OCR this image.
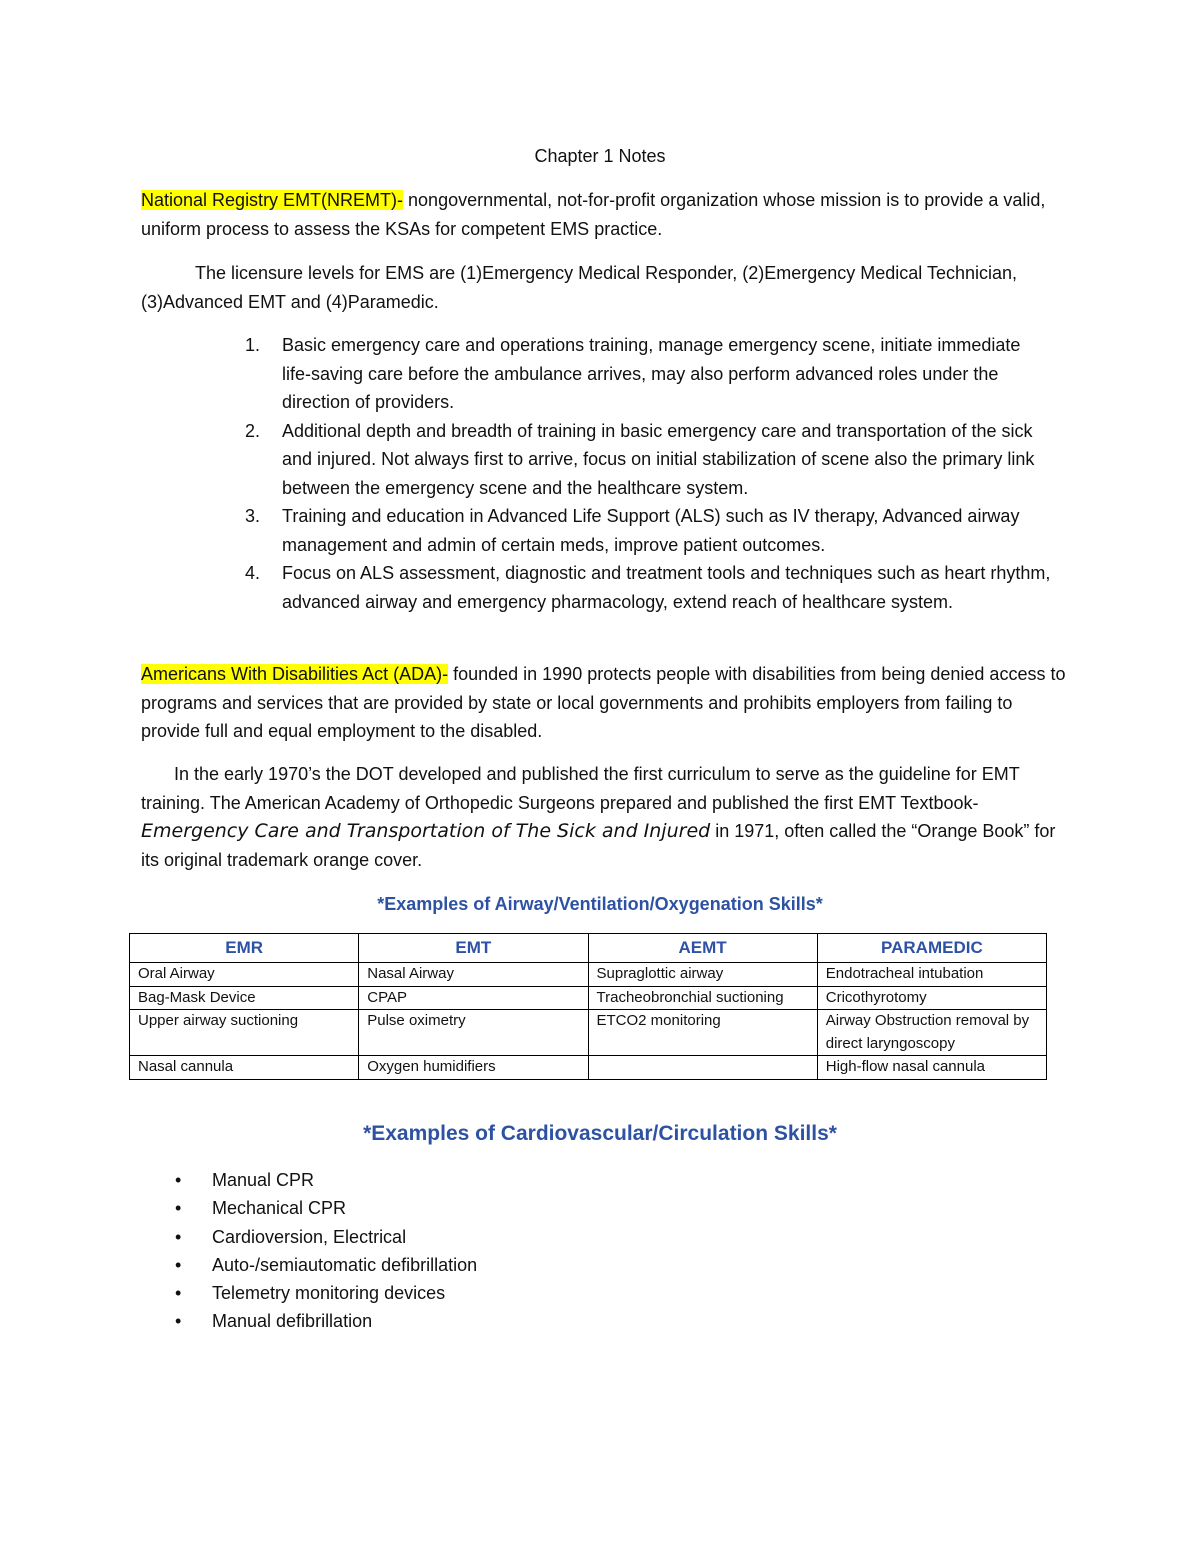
Chapter 1 Notes

National Registry EMT(NREMT)- nongovernmental, not-for-profit organization whose mission is to provide a valid, uniform process to assess the KSAs for competent EMS practice.

The licensure levels for EMS are (1)Emergency Medical Responder, (2)Emergency Medical Technician, (3)Advanced EMT and (4)Paramedic.

1. Basic emergency care and operations training, manage emergency scene, initiate immediate life-saving care before the ambulance arrives, may also perform advanced roles under the direction of providers.
2. Additional depth and breadth of training in basic emergency care and transportation of the sick and injured. Not always first to arrive, focus on initial stabilization of scene also the primary link between the emergency scene and the healthcare system.
3. Training and education in Advanced Life Support (ALS) such as IV therapy, Advanced airway management and admin of certain meds, improve patient outcomes.
4. Focus on ALS assessment, diagnostic and treatment tools and techniques such as heart rhythm, advanced airway and emergency pharmacology, extend reach of healthcare system.

Americans With Disabilities Act (ADA)- founded in 1990 protects people with disabilities from being denied access to programs and services that are provided by state or local governments and prohibits employers from failing to provide full and equal employment to the disabled.

In the early 1970’s the DOT developed and published the first curriculum to serve as the guideline for EMT training. The American Academy of Orthopedic Surgeons prepared and published the first EMT Textbook-Emergency Care and Transportation of The Sick and Injured in 1971, often called the “Orange Book” for its original trademark orange cover.

*Examples of Airway/Ventilation/Oxygenation Skills*
EMR	EMT	AEMT	PARAMEDIC
Oral Airway	Nasal Airway	Supraglottic airway	Endotracheal intubation
Bag-Mask Device	CPAP	Tracheobronchial suctioning	Cricothyrotomy
Upper airway suctioning	Pulse oximetry	ETCO2 monitoring	Airway Obstruction removal by direct laryngoscopy
Nasal cannula	Oxygen humidifiers		High-flow nasal cannula
*Examples of Cardiovascular/Circulation Skills*
• Manual CPR
• Mechanical CPR
• Cardioversion, Electrical
• Auto-/semiautomatic defibrillation
• Telemetry monitoring devices
• Manual defibrillation
